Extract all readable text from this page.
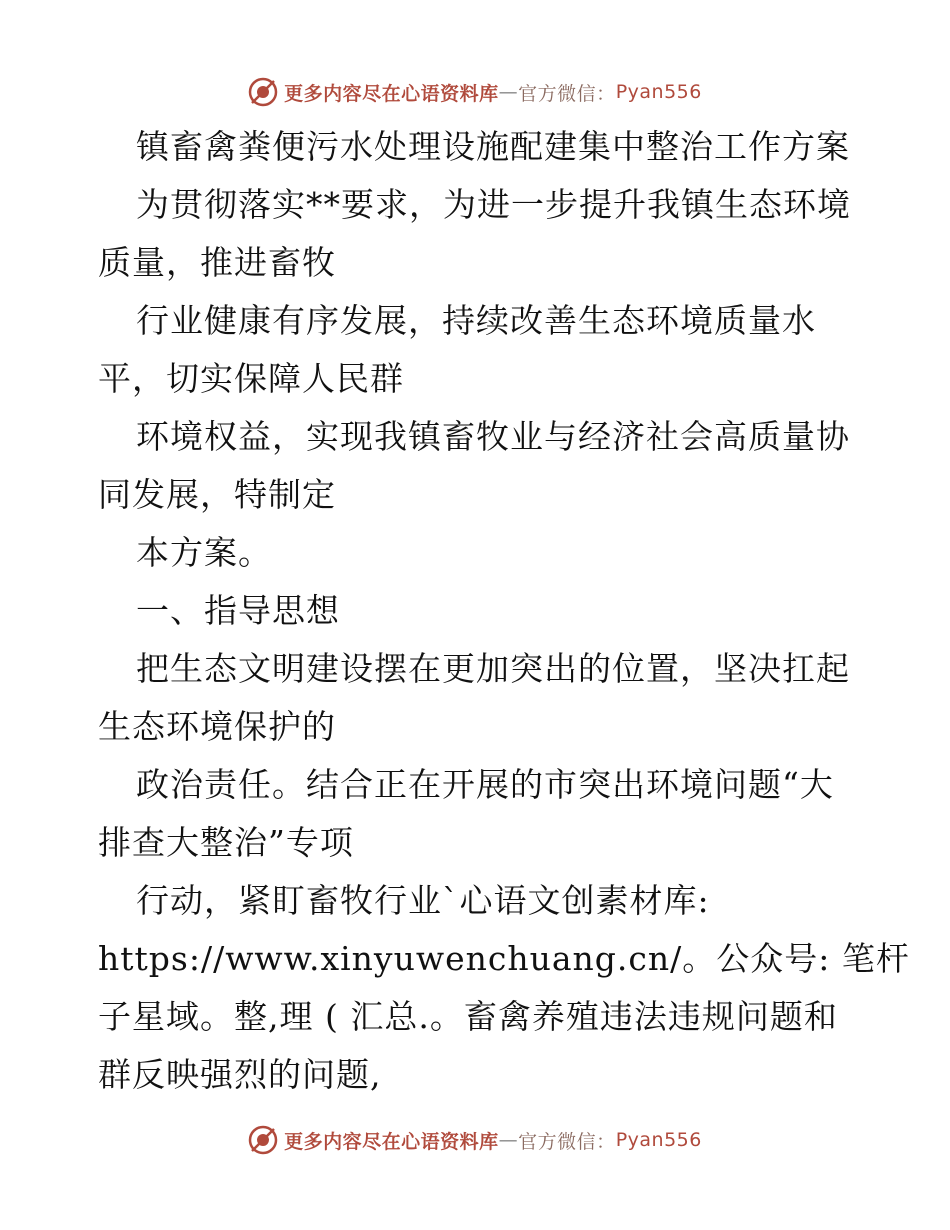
更多内容尽在心语资料库 — 官方微信： Pyan556
镇畜禽粪便污水处理设施配建集中整治工作方案
为贯彻落实**要求，为进一步提升我镇生态环境
质量，推进畜牧
行业健康有序发展，持续改善生态环境质量水
平，切实保障人民群
环境权益，实现我镇畜牧业与经济社会高质量协
同发展，特制定
本方案。
一、指导思想
把生态文明建设摆在更加突出的位置，坚决扛起
生态环境保护的
政治责任。结合正在开展的市突出环境问题“大
排查大整治”专项
行动，紧盯畜牧行业`心语文创素材库:
https://www.xinyuwenchuang.cn/。公众号: 笔杆
子星域。整,理 ( 汇总.。畜禽养殖违法违规问题和
群反映强烈的问题,
更多内容尽在心语资料库 — 官方微信： Pyan556
